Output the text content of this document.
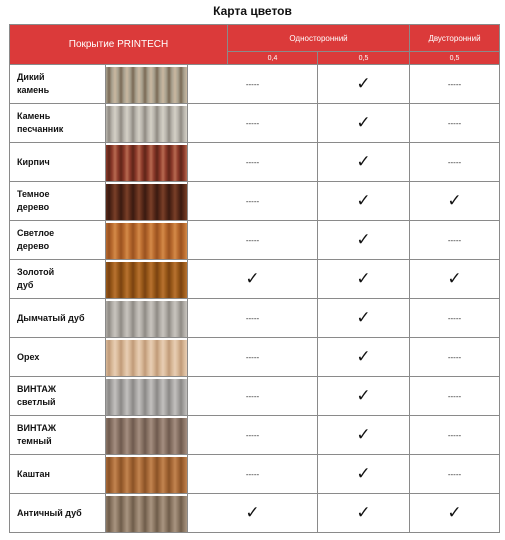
Карта цветов
Покрытие PRINTECH			Односторонний		Двусторонний
			0,4	0,5	0,5
Дикий
камень		-----		✓	-----
Камень
песчанник		-----		✓	-----
Кирпич		-----		✓	-----
Темное
дерево		-----		✓	✓
Светлое
дерево		-----		✓	-----
Золотой
дуб		✓		✓	✓
Дымчатый дуб		-----		✓	-----
Орех		-----		✓	-----
ВИНТАЖ
светлый		-----		✓	-----
ВИНТАЖ
темный		-----		✓	-----
Каштан		-----		✓	-----
Античный дуб		✓		✓	✓
